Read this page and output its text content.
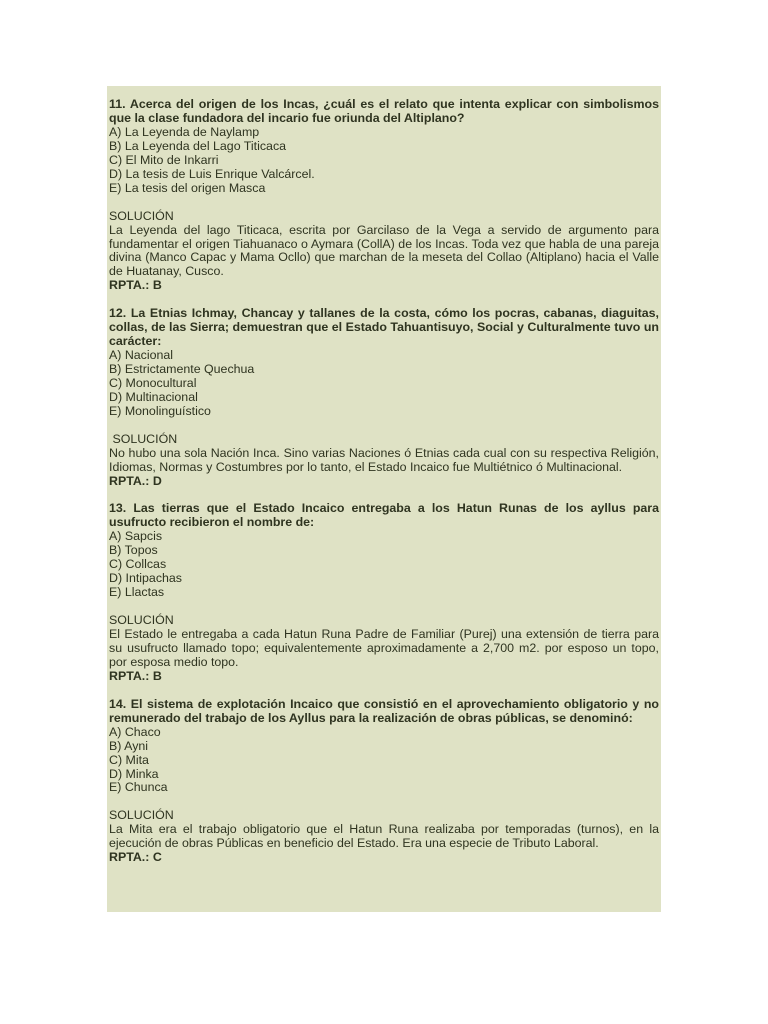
11. Acerca del origen de los Incas, ¿cuál es el relato que intenta explicar con simbolismos que la clase fundadora del incario fue oriunda del Altiplano?
A) La Leyenda de Naylamp
B) La Leyenda del Lago Titicaca
C) El Mito de Inkarri
D) La tesis de Luis Enrique Valcárcel.
E) La tesis del origen Masca
SOLUCIÓN
La Leyenda del lago Titicaca, escrita por Garcilaso de la Vega a servido de argumento para fundamentar el origen Tiahuanaco o Aymara (CollA) de los Incas. Toda vez que habla de una pareja divina (Manco Capac y Mama Ocllo) que marchan de la meseta del Collao (Altiplano) hacia el Valle de Huatanay, Cusco.
RPTA.: B
12. La Etnias Ichmay, Chancay y tallanes de la costa, cómo los pocras, cabanas, diaguitas, collas, de las Sierra; demuestran que el Estado Tahuantisuyo, Social y Culturalmente tuvo un carácter:
A) Nacional
B) Estrictamente Quechua
C) Monocultural
D) Multinacional
E) Monolinguístico
SOLUCIÓN
No hubo una sola Nación Inca. Sino varias Naciones ó Etnias cada cual con su respectiva Religión, Idiomas, Normas y Costumbres por lo tanto, el Estado Incaico fue Multiétnico ó Multinacional.
RPTA.: D
13. Las tierras que el Estado Incaico entregaba a los Hatun Runas de los ayllus para usufructo recibieron el nombre de:
A) Sapcis
B) Topos
C) Collcas
D) Intipachas
E) Llactas
SOLUCIÓN
El Estado le entregaba a cada Hatun Runa Padre de Familiar (Purej) una extensión de tierra para su usufructo llamado topo; equivalentemente aproximadamente a 2,700 m2. por esposo un topo, por esposa medio topo.
RPTA.: B
14. El sistema de explotación Incaico que consistió en el aprovechamiento obligatorio y no remunerado del trabajo de los Ayllus para la realización de obras públicas, se denominó:
A) Chaco
B) Ayni
C) Mita
D) Minka
E) Chunca
SOLUCIÓN
La Mita era el trabajo obligatorio que el Hatun Runa realizaba por temporadas (turnos), en la ejecución de obras Públicas en beneficio del Estado. Era una especie de Tributo Laboral.
RPTA.: C
